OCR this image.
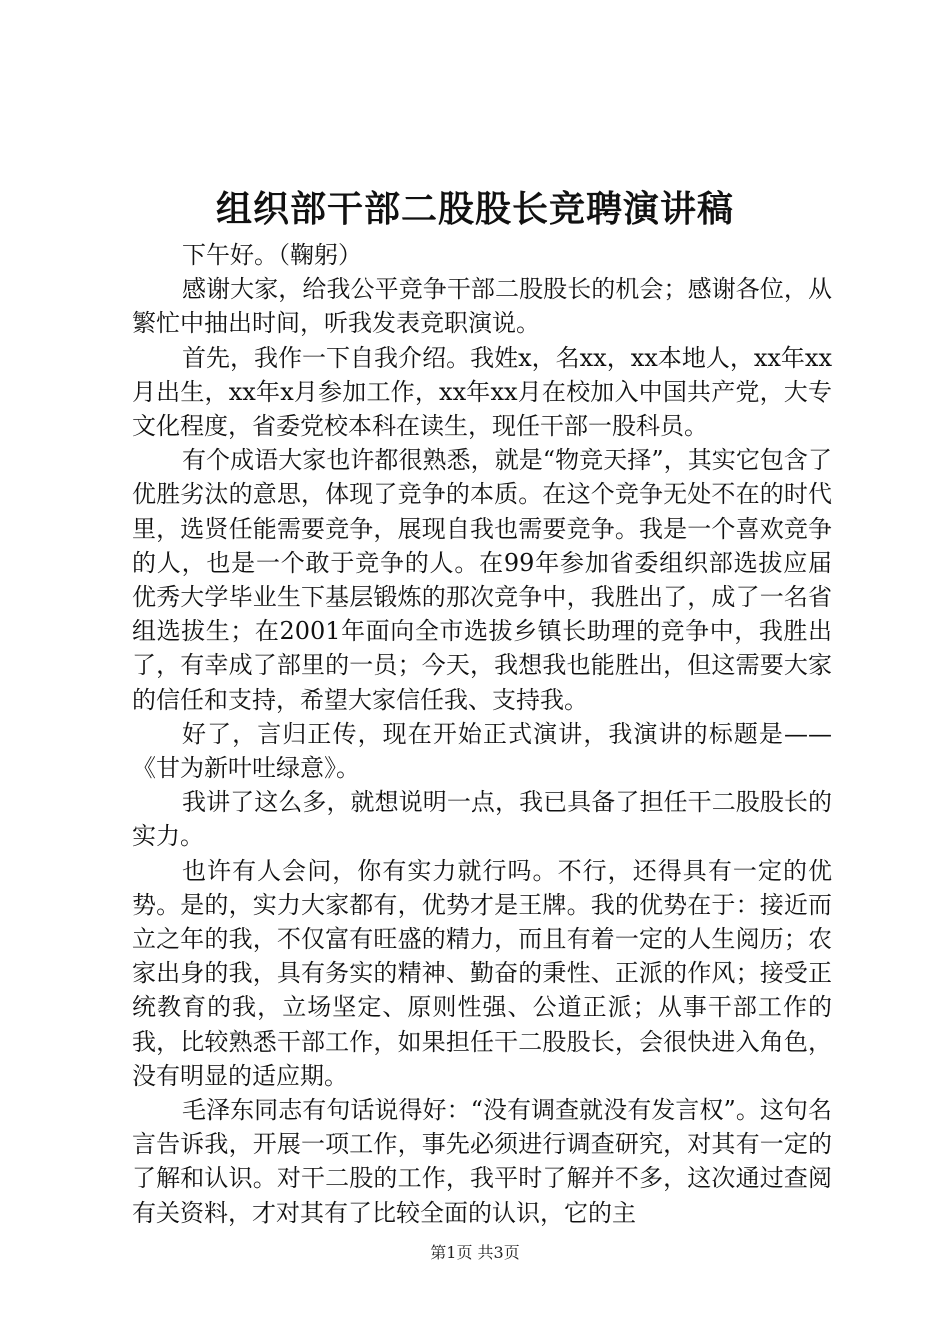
组织部干部二股股长竞聘演讲稿

下午好。（鞠躬）

感谢大家，给我公平竞争干部二股股长的机会；感谢各位，从繁忙中抽出时间，听我发表竞职演说。

首先，我作一下自我介绍。我姓x，名xx，xx本地人，xx年xx月出生，xx年x月参加工作，xx年xx月在校加入中国共产党，大专文化程度，省委党校本科在读生，现任干部一股科员。

有个成语大家也许都很熟悉，就是“物竞天择”，其实它包含了优胜劣汰的意思，体现了竞争的本质。在这个竞争无处不在的时代里，选贤任能需要竞争，展现自我也需要竞争。我是一个喜欢竞争的人，也是一个敢于竞争的人。在99年参加省委组织部选拔应届优秀大学毕业生下基层锻炼的那次竞争中，我胜出了，成了一名省组选拔生；在2001年面向全市选拔乡镇长助理的竞争中，我胜出了，有幸成了部里的一员；今天，我想我也能胜出，但这需要大家的信任和支持，希望大家信任我、支持我。

好了，言归正传，现在开始正式演讲，我演讲的标题是——《甘为新叶吐绿意》。

我讲了这么多，就想说明一点，我已具备了担任干二股股长的实力。

也许有人会问，你有实力就行吗。不行，还得具有一定的优势。是的，实力大家都有，优势才是王牌。我的优势在于：接近而立之年的我，不仅富有旺盛的精力，而且有着一定的人生阅历；农家出身的我，具有务实的精神、勤奋的秉性、正派的作风；接受正统教育的我，立场坚定、原则性强、公道正派；从事干部工作的我，比较熟悉干部工作，如果担任干二股股长，会很快进入角色，没有明显的适应期。

毛泽东同志有句话说得好：“没有调查就没有发言权”。这句名言告诉我，开展一项工作，事先必须进行调查研究，对其有一定的了解和认识。对干二股的工作，我平时了解并不多，这次通过查阅有关资料，才对其有了比较全面的认识，它的主

第1页 共3页
